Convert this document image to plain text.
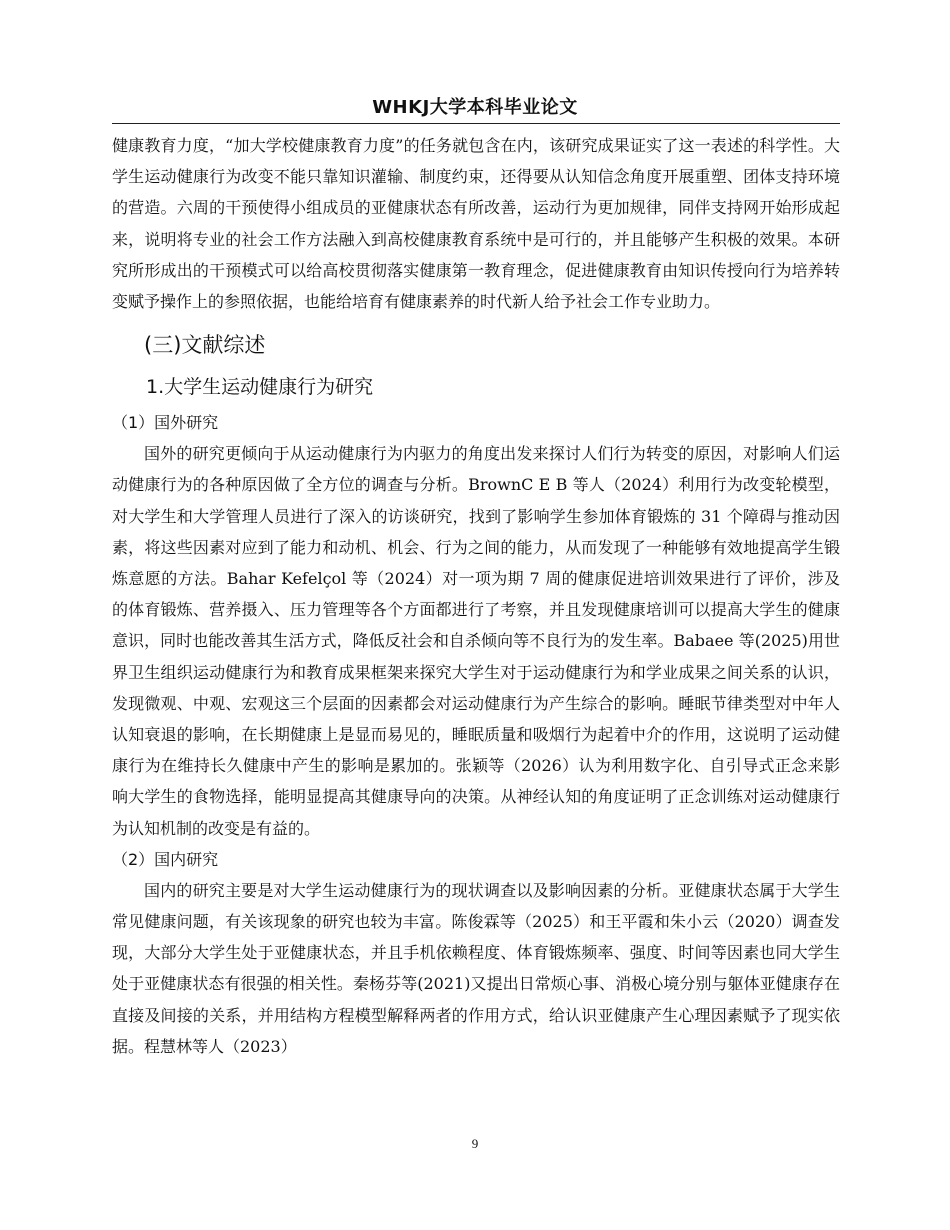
WHKJ大学本科毕业论文

健康教育力度，“加大学校健康教育力度”的任务就包含在内，该研究成果证实了这一表述的科学性。大学生运动健康行为改变不能只靠知识灌输、制度约束，还得要从认知信念角度开展重塑、团体支持环境的营造。六周的干预使得小组成员的亚健康状态有所改善，运动行为更加规律，同伴支持网开始形成起来，说明将专业的社会工作方法融入到高校健康教育系统中是可行的，并且能够产生积极的效果。本研究所形成出的干预模式可以给高校贯彻落实健康第一教育理念，促进健康教育由知识传授向行为培养转变赋予操作上的参照依据，也能给培育有健康素养的时代新人给予社会工作专业助力。

(三)文献综述
1.大学生运动健康行为研究
（1）国外研究

国外的研究更倾向于从运动健康行为内驱力的角度出发来探讨人们行为转变的原因，对影响人们运动健康行为的各种原因做了全方位的调查与分析。BrownC E B 等人（2024）利用行为改变轮模型，对大学生和大学管理人员进行了深入的访谈研究，找到了影响学生参加体育锻炼的 31 个障碍与推动因素，将这些因素对应到了能力和动机、机会、行为之间的能力，从而发现了一种能够有效地提高学生锻炼意愿的方法。Bahar Kefelçol 等（2024）对一项为期 7 周的健康促进培训效果进行了评价，涉及的体育锻炼、营养摄入、压力管理等各个方面都进行了考察，并且发现健康培训可以提高大学生的健康意识，同时也能改善其生活方式，降低反社会和自杀倾向等不良行为的发生率。Babaee 等(2025)用世界卫生组织运动健康行为和教育成果框架来探究大学生对于运动健康行为和学业成果之间关系的认识，发现微观、中观、宏观这三个层面的因素都会对运动健康行为产生综合的影响。睡眠节律类型对中年人认知衰退的影响，在长期健康上是显而易见的，睡眠质量和吸烟行为起着中介的作用，这说明了运动健康行为在维持长久健康中产生的影响是累加的。张颖等（2026）认为利用数字化、自引导式正念来影响大学生的食物选择，能明显提高其健康导向的决策。从神经认知的角度证明了正念训练对运动健康行为认知机制的改变是有益的。

（2）国内研究

国内的研究主要是对大学生运动健康行为的现状调查以及影响因素的分析。亚健康状态属于大学生常见健康问题，有关该现象的研究也较为丰富。陈俊霖等（2025）和王平霞和朱小云（2020）调查发现，大部分大学生处于亚健康状态，并且手机依赖程度、体育锻炼频率、强度、时间等因素也同大学生处于亚健康状态有很强的相关性。秦杨芬等(2021)又提出日常烦心事、消极心境分别与躯体亚健康存在直接及间接的关系，并用结构方程模型解释两者的作用方式，给认识亚健康产生心理因素赋予了现实依据。程慧林等人（2023）

9
